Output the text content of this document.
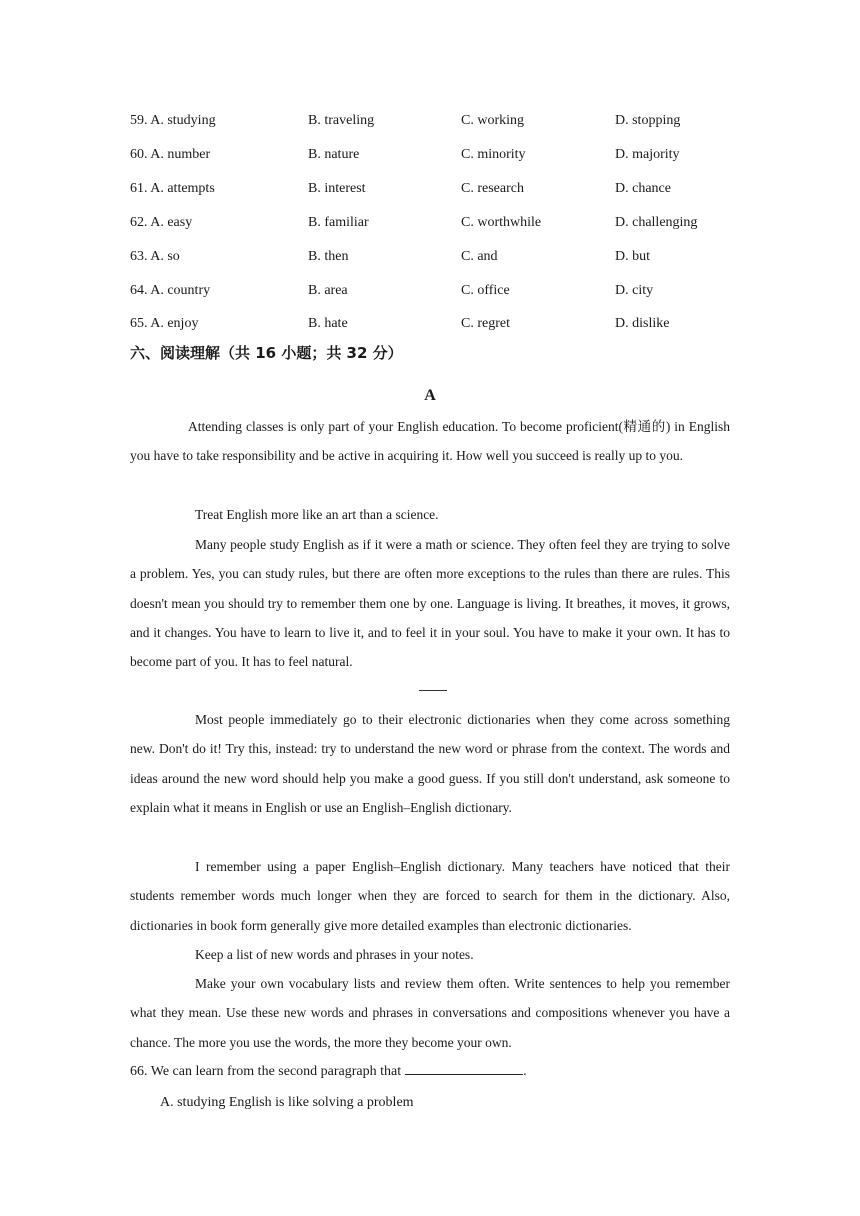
59. A. studying	B. traveling	C. working	D. stopping
60. A. number	B. nature	C. minority	D. majority
61. A. attempts	B. interest	C. research	D. chance
62. A. easy	B. familiar	C. worthwhile	D. challenging
63. A. so	B. then	C. and	D. but
64. A. country	B. area	C. office	D. city
65. A. enjoy	B. hate	C. regret	D. dislike
六、阅读理解（共 16 小题；共 32 分）
A

Attending classes is only part of your English education. To become proficient(精通的) in English you have to take responsibility and be active in acquiring it. How well you succeed is really up to you.

Treat English more like an art than a science.

Many people study English as if it were a math or science. They often feel they are trying to solve a problem. Yes, you can study rules, but there are often more exceptions to the rules than there are rules. This doesn't mean you should try to remember them one by one. Language is living. It breathes, it moves, it grows, and it changes. You have to learn to live it, and to feel it in your soul. You have to make it your own. It has to become part of you. It has to feel natural.

Most people immediately go to their electronic dictionaries when they come across something new. Don't do it! Try this, instead: try to understand the new word or phrase from the context. The words and ideas around the new word should help you make a good guess. If you still don't understand, ask someone to explain what it means in English or use an English–English dictionary.

I remember using a paper English–English dictionary. Many teachers have noticed that their students remember words much longer when they are forced to search for them in the dictionary. Also, dictionaries in book form generally give more detailed examples than electronic dictionaries.

Keep a list of new words and phrases in your notes.

Make your own vocabulary lists and review them often. Write sentences to help you remember what they mean. Use these new words and phrases in conversations and compositions whenever you have a chance. The more you use the words, the more they become your own.

66. We can learn from the second paragraph that	.
A. studying English is like solving a problem
